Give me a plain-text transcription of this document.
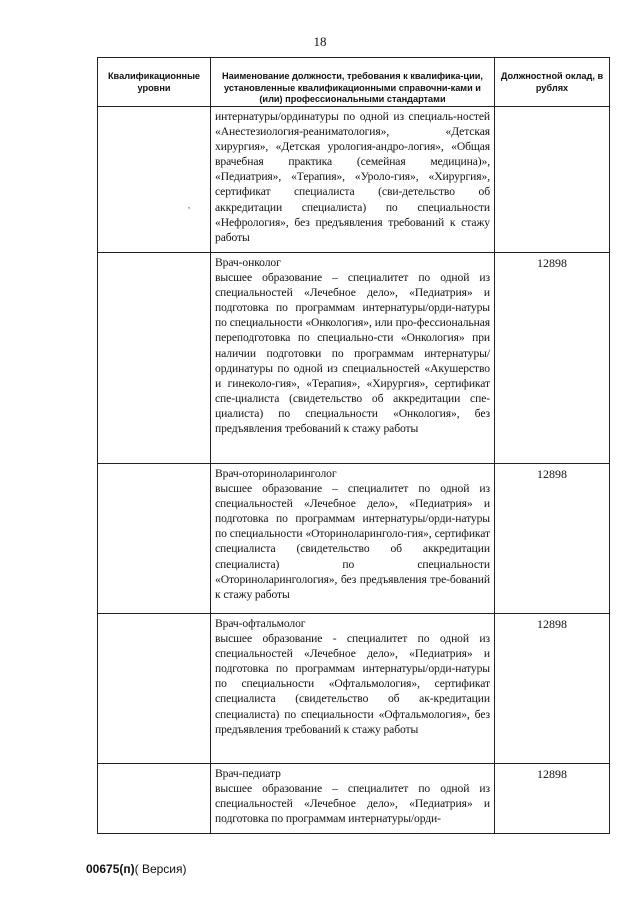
18
,
Квалификационные уровни	Наименование должности, требования к квалифика-ции, установленные квалификационными справочни-ками и (или) профессиональными стандартами	Должностной оклад, в рублях

	интернатуры/ординатуры по одной из специаль-ностей «Анестезиология-реаниматология», «Детская хирургия», «Детская урология-андро-логия», «Общая врачебная практика (семейная медицина)», «Педиатрия», «Терапия», «Уроло-гия», «Хирургия», сертификат специалиста (сви-детельство об аккредитации специалиста) по специальности «Нефрология», без предъявления требований к стажу работы	

	Врач-онколог
высшее образование – специалитет по одной из специальностей «Лечебное дело», «Педиатрия» и подготовка по программам интернатуры/орди-натуры по специальности «Онкология», или про-фессиональная переподготовка по специально-сти «Онкология» при наличии подготовки по программам интернатуры/ординатуры по одной из специальностей «Акушерство и гинеколо-гия», «Терапия», «Хирургия», сертификат спе-циалиста (свидетельство об аккредитации спе-циалиста) по специальности «Онкология», без предъявления требований к стажу работы	12898

	Врач-оториноларинголог
высшее образование – специалитет по одной из специальностей «Лечебное дело», «Педиатрия» и подготовка по программам интернатуры/орди-натуры по специальности «Оториноларинголо-гия», сертификат специалиста (свидетельство об аккредитации специалиста) по специальности «Оториноларингология», без предъявления тре-бований к стажу работы	12898

	Врач-офтальмолог
высшее образование - специалитет по одной из специальностей «Лечебное дело», «Педиатрия» и подготовка по программам интернатуры/орди-натуры по специальности «Офтальмология», сертификат специалиста (свидетельство об ак-кредитации специалиста) по специальности «Офтальмология», без предъявления требований к стажу работы	12898

	Врач-педиатр
высшее образование – специалитет по одной из специальностей «Лечебное дело», «Педиатрия» и подготовка по программам интернатуры/орди-	12898
00675(п)( Версия)
